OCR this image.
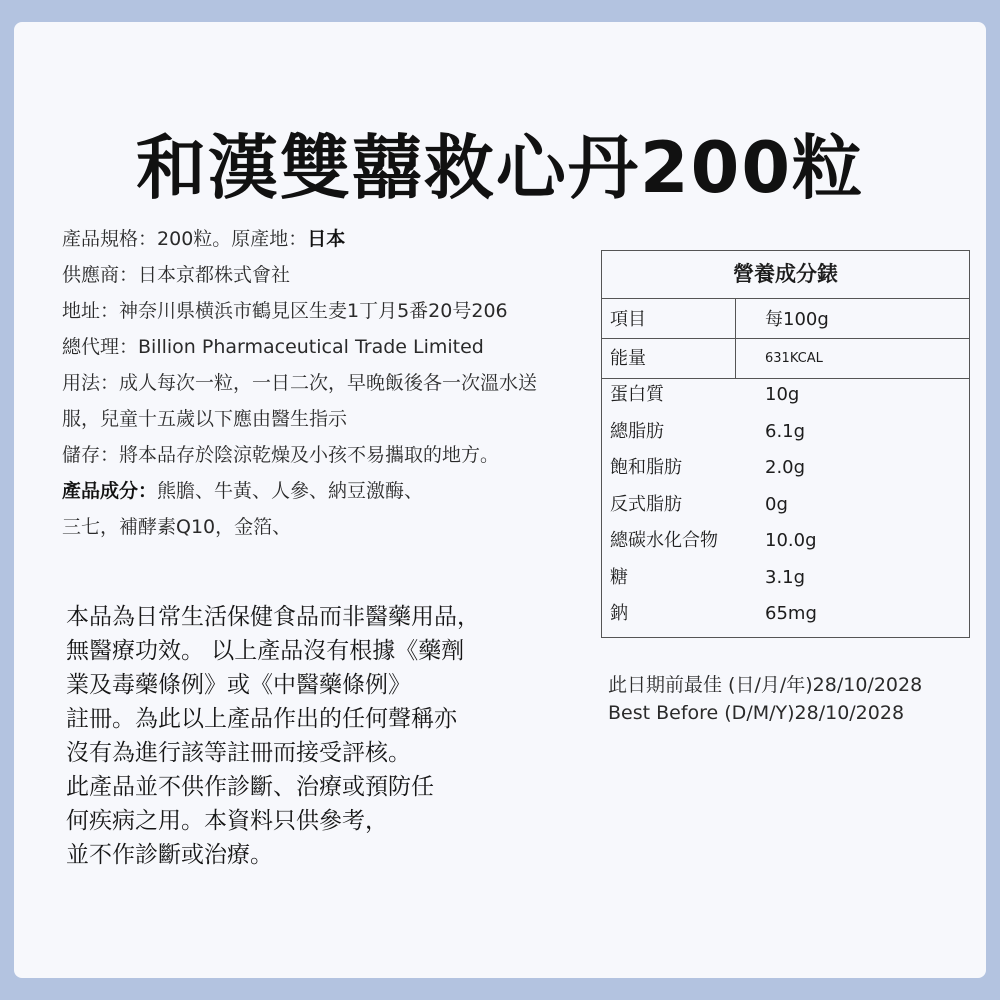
和漢雙囍救心丹200粒
產品規格：200粒。原產地：日本
供應商：日本京都株式會社
地址：神奈川県横浜市鶴見区生麦1丁月5番20号206
總代理：Billion Pharmaceutical Trade Limited
用法：成人每次一粒，一日二次，早晚飯後各一次溫水送
服，兒童十五歲以下應由醫生指示
儲存：將本品存於陰涼乾燥及小孩不易攜取的地方。
產品成分：熊膽、牛黃、人參、納豆激酶、
三七，補酵素Q10，金箔、
本品為日常生活保健食品而非醫藥用品，
無醫療功效。 以上產品沒有根據《藥劑
業及毒藥條例》或《中醫藥條例》
註冊。為此以上產品作出的任何聲稱亦
沒有為進行該等註冊而接受評核。
此產品並不供作診斷、治療或預防任
何疾病之用。本資料只供參考，
並不作診斷或治療。
營養成分錶
項目	每100g
能量	631KCAL
蛋白質	10g
總脂肪	6.1g
飽和脂肪	2.0g
反式脂肪	0g
總碳水化合物	10.0g
糖	3.1g
鈉	65mg
此日期前最佳 (日/月/年)28/10/2028
Best Before (D/M/Y)28/10/2028
